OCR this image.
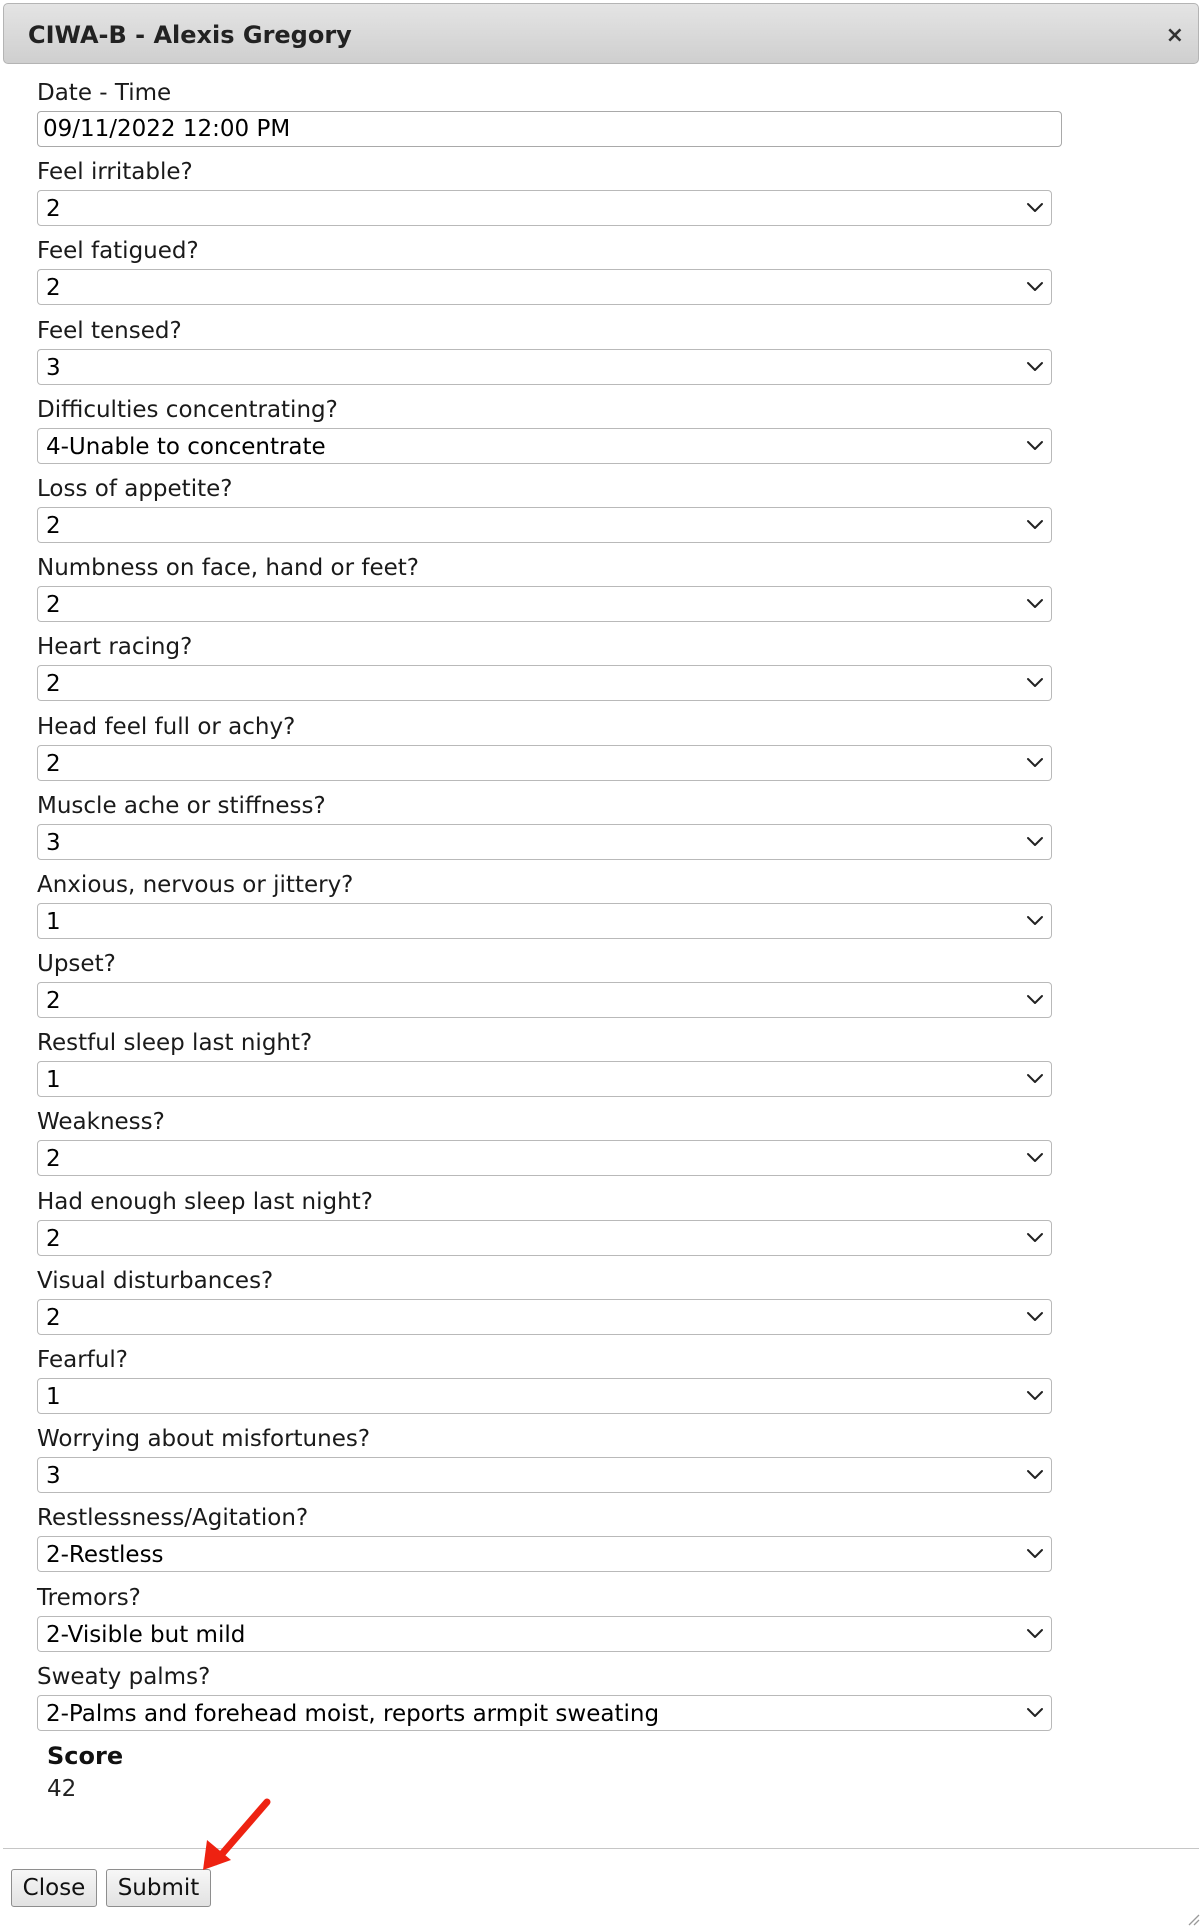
CIWA-B - Alexis Gregory	×
Date - Time
09/11/2022 12:00 PM
Feel irritable?
2
Feel fatigued?
2
Feel tensed?
3
Difficulties concentrating?
4-Unable to concentrate
Loss of appetite?
2
Numbness on face, hand or feet?
2
Heart racing?
2
Head feel full or achy?
2
Muscle ache or stiffness?
3
Anxious, nervous or jittery?
1
Upset?
2
Restful sleep last night?
1
Weakness?
2
Had enough sleep last night?
2
Visual disturbances?
2
Fearful?
1
Worrying about misfortunes?
3
Restlessness/Agitation?
2-Restless
Tremors?
2-Visible but mild
Sweaty palms?
2-Palms and forehead moist, reports armpit sweating
Score
42
Close	Submit
